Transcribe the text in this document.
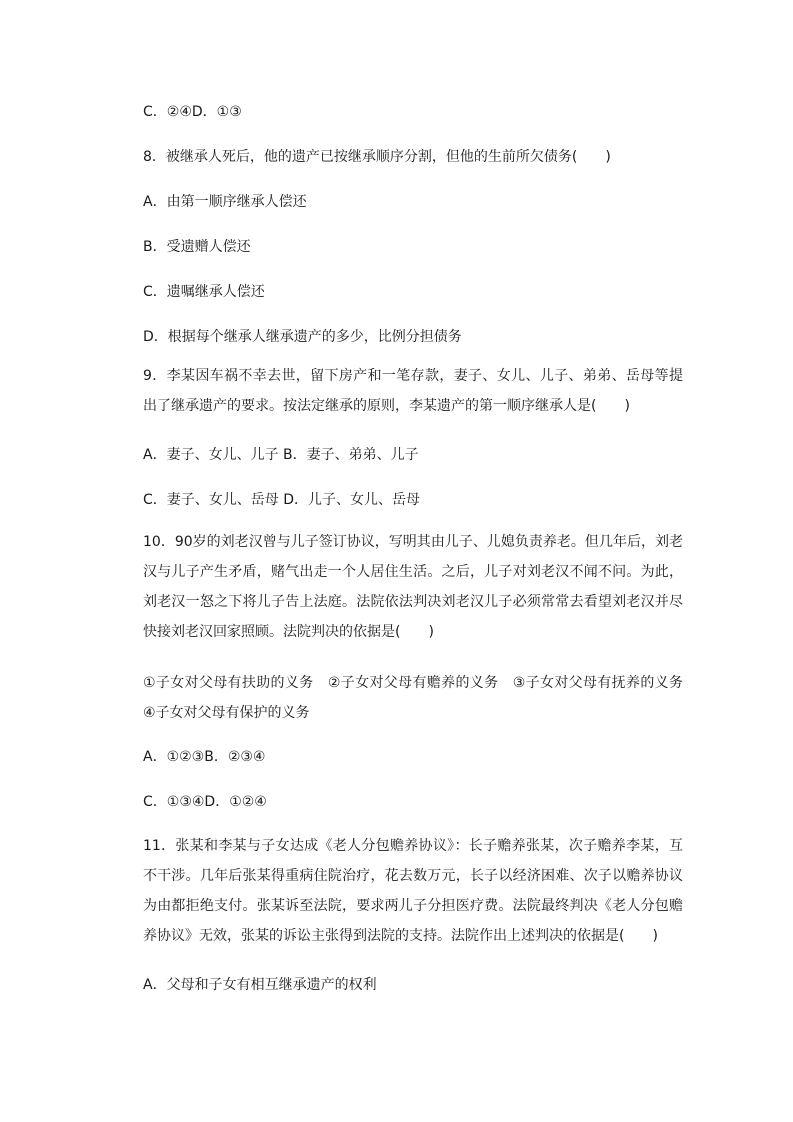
C．②④D．①③

8．被继承人死后，他的遗产已按继承顺序分割，但他的生前所欠债务(　　)

A．由第一顺序继承人偿还

B．受遗赠人偿还

C．遗嘱继承人偿还

D．根据每个继承人继承遗产的多少，比例分担债务

9．李某因车祸不幸去世，留下房产和一笔存款，妻子、女儿、儿子、弟弟、岳母等提出了继承遗产的要求。按法定继承的原则，李某遗产的第一顺序继承人是(　　)

A．妻子、女儿、儿子 B．妻子、弟弟、儿子

C．妻子、女儿、岳母 D．儿子、女儿、岳母

10．90岁的刘老汉曾与儿子签订协议，写明其由儿子、儿媳负责养老。但几年后，刘老汉与儿子产生矛盾，赌气出走一个人居住生活。之后，儿子对刘老汉不闻不问。为此，刘老汉一怒之下将儿子告上法庭。法院依法判决刘老汉儿子必须常常去看望刘老汉并尽快接刘老汉回家照顾。法院判决的依据是(　　)

①子女对父母有扶助的义务　②子女对父母有赡养的义务　③子女对父母有抚养的义务④子女对父母有保护的义务

A．①②③B．②③④

C．①③④D．①②④

11．张某和李某与子女达成《老人分包赡养协议》：长子赡养张某，次子赡养李某，互不干涉。几年后张某得重病住院治疗，花去数万元，长子以经济困难、次子以赡养协议为由都拒绝支付。张某诉至法院，要求两儿子分担医疗费。法院最终判决《老人分包赡养协议》无效，张某的诉讼主张得到法院的支持。法院作出上述判决的依据是(　　)

A．父母和子女有相互继承遗产的权利
